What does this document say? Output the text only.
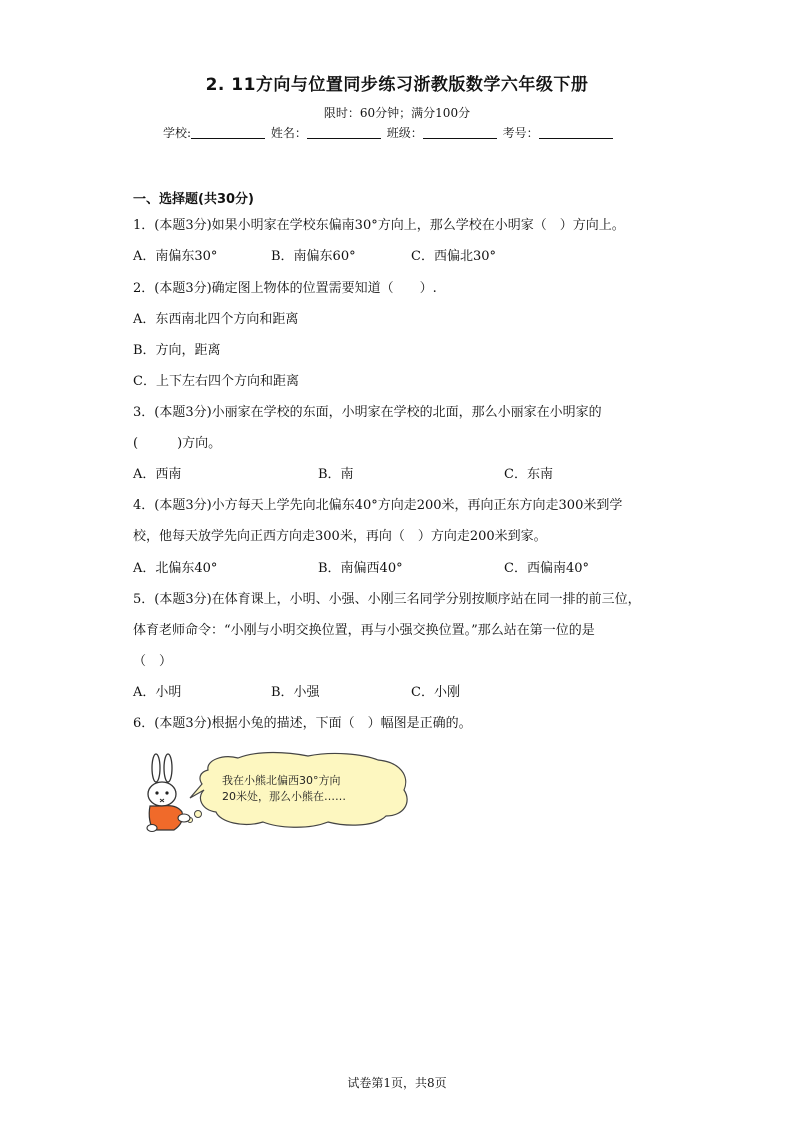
2. 11方向与位置同步练习浙教版数学六年级下册
限时：60分钟；满分100分
学校:	姓名：	班级：	考号：
一、选择题(共30分)
1．(本题3分)如果小明家在学校东偏南30°方向上，那么学校在小明家（　）方向上。
A．南偏东30°	B．南偏东60°	C．西偏北30°
2．(本题3分)确定图上物体的位置需要知道（　　）.
A．东西南北四个方向和距离
B．方向，距离
C．上下左右四个方向和距离
3．(本题3分)小丽家在学校的东面，小明家在学校的北面，那么小丽家在小明家的
(　　　)方向。
A．西南	B．南	C．东南
4．(本题3分)小方每天上学先向北偏东40°方向走200米，再向正东方向走300米到学
校，他每天放学先向正西方向走300米，再向（　）方向走200米到家。
A．北偏东40°	B．南偏西40°	C．西偏南40°
5．(本题3分)在体育课上，小明、小强、小刚三名同学分别按顺序站在同一排的前三位，
体育老师命令：“小刚与小明交换位置，再与小强交换位置。”那么站在第一位的是
（　）
A．小明	B．小强	C．小刚
6．(本题3分)根据小兔的描述，下面（　）幅图是正确的。
我在小熊北偏西30°方向
20米处，那么小熊在……
试卷第1页，共8页
